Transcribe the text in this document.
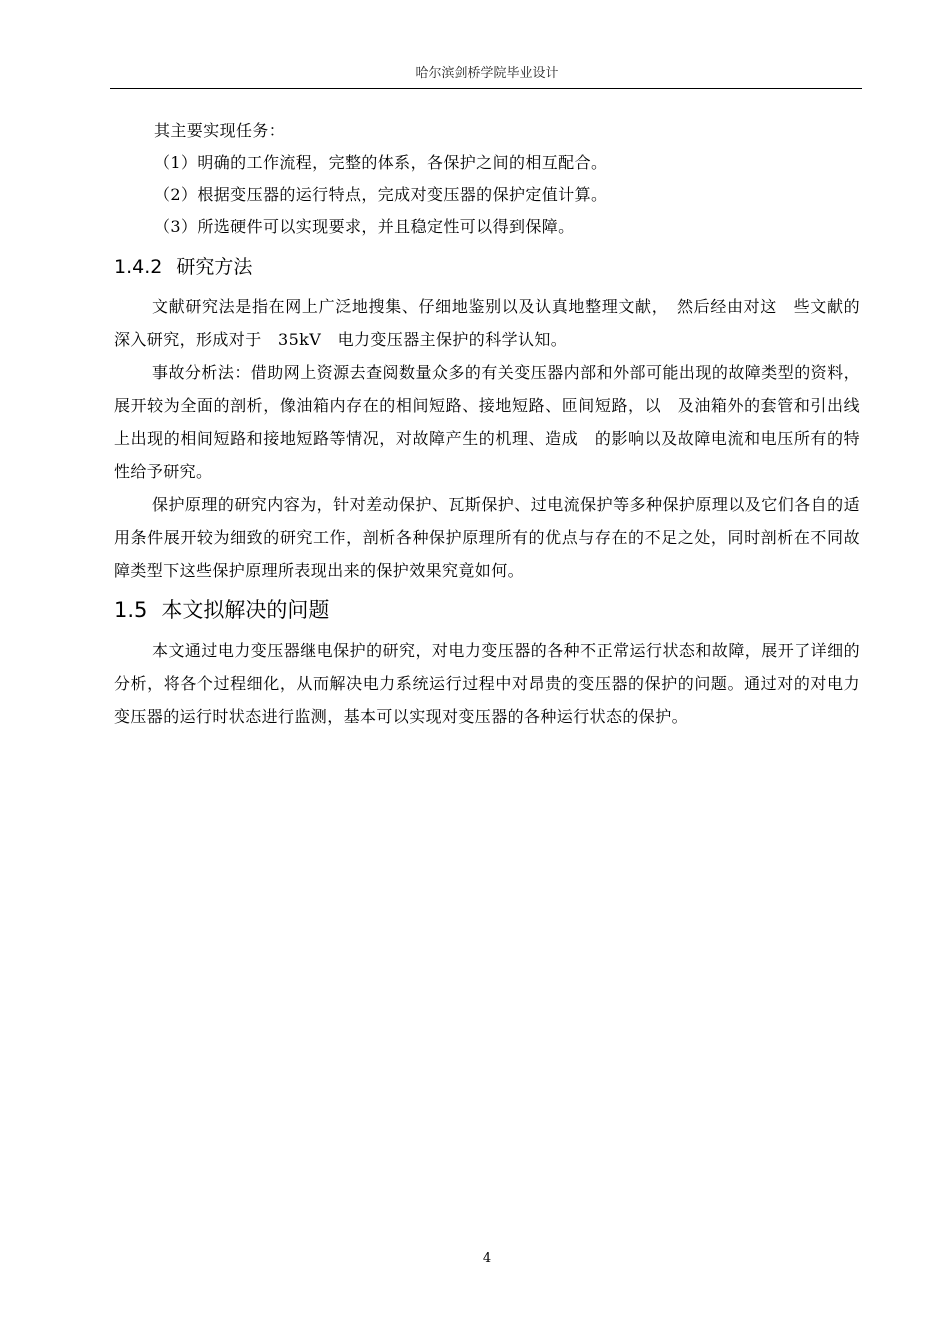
哈尔滨剑桥学院毕业设计

其主要实现任务：

（1）明确的工作流程，完整的体系，各保护之间的相互配合。

（2）根据变压器的运行特点，完成对变压器的保护定值计算。

（3）所选硬件可以实现要求，并且稳定性可以得到保障。

1.4.2 研究方法

文献研究法是指在网上广泛地搜集、仔细地鉴别以及认真地整理文献，　然后经由对这　些文献的深入研究，形成对于　35kV　电力变压器主保护的科学认知。

事故分析法：借助网上资源去查阅数量众多的有关变压器内部和外部可能出现的故障类型的资料，展开较为全面的剖析，像油箱内存在的相间短路、接地短路、匝间短路，以　及油箱外的套管和引出线上出现的相间短路和接地短路等情况，对故障产生的机理、造成　的影响以及故障电流和电压所有的特性给予研究。

保护原理的研究内容为，针对差动保护、瓦斯保护、过电流保护等多种保护原理以及它们各自的适用条件展开较为细致的研究工作，剖析各种保护原理所有的优点与存在的不足之处，同时剖析在不同故障类型下这些保护原理所表现出来的保护效果究竟如何。

1.5 本文拟解决的问题

本文通过电力变压器继电保护的研究，对电力变压器的各种不正常运行状态和故障，展开了详细的分析，将各个过程细化，从而解决电力系统运行过程中对昂贵的变压器的保护的问题。通过对的对电力变压器的运行时状态进行监测，基本可以实现对变压器的各种运行状态的保护。

4
